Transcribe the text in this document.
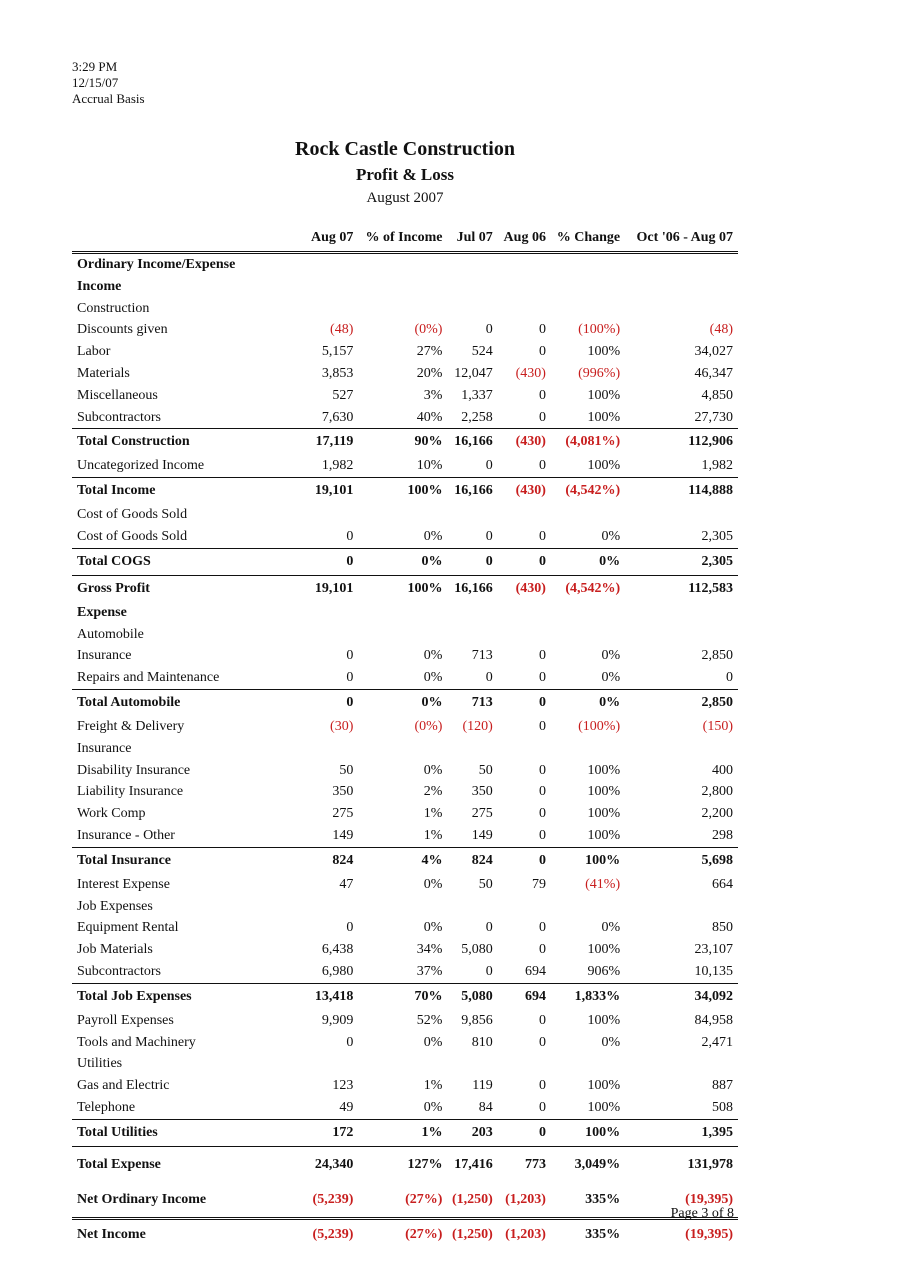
3:29 PM
12/15/07
Accrual Basis
Rock Castle Construction
Profit & Loss
August 2007
	Aug 07	% of Income	Jul 07	Aug 06	% Change	Oct '06 - Aug 07
Ordinary Income/Expense						
Income						
Construction						
Discounts given	(48)	(0%)	0	0	(100%)	(48)
Labor	5,157	27%	524	0	100%	34,027
Materials	3,853	20%	12,047	(430)	(996%)	46,347
Miscellaneous	527	3%	1,337	0	100%	4,850
Subcontractors	7,630	40%	2,258	0	100%	27,730
Total Construction	17,119	90%	16,166	(430)	(4,081%)	112,906
Uncategorized Income	1,982	10%	0	0	100%	1,982
Total Income	19,101	100%	16,166	(430)	(4,542%)	114,888
Cost of Goods Sold						
Cost of Goods Sold	0	0%	0	0	0%	2,305
Total COGS	0	0%	0	0	0%	2,305
Gross Profit	19,101	100%	16,166	(430)	(4,542%)	112,583
Expense						
Automobile						
Insurance	0	0%	713	0	0%	2,850
Repairs and Maintenance	0	0%	0	0	0%	0
Total Automobile	0	0%	713	0	0%	2,850
Freight & Delivery	(30)	(0%)	(120)	0	(100%)	(150)
Insurance						
Disability Insurance	50	0%	50	0	100%	400
Liability Insurance	350	2%	350	0	100%	2,800
Work Comp	275	1%	275	0	100%	2,200
Insurance - Other	149	1%	149	0	100%	298
Total Insurance	824	4%	824	0	100%	5,698
Interest Expense	47	0%	50	79	(41%)	664
Job Expenses						
Equipment Rental	0	0%	0	0	0%	850
Job Materials	6,438	34%	5,080	0	100%	23,107
Subcontractors	6,980	37%	0	694	906%	10,135
Total Job Expenses	13,418	70%	5,080	694	1,833%	34,092
Payroll Expenses	9,909	52%	9,856	0	100%	84,958
Tools and Machinery	0	0%	810	0	0%	2,471
Utilities						
Gas and Electric	123	1%	119	0	100%	887
Telephone	49	0%	84	0	100%	508
Total Utilities	172	1%	203	0	100%	1,395
Total Expense	24,340	127%	17,416	773	3,049%	131,978
Net Ordinary Income	(5,239)	(27%)	(1,250)	(1,203)	335%	(19,395)
Net Income	(5,239)	(27%)	(1,250)	(1,203)	335%	(19,395)
Page 3 of 8
